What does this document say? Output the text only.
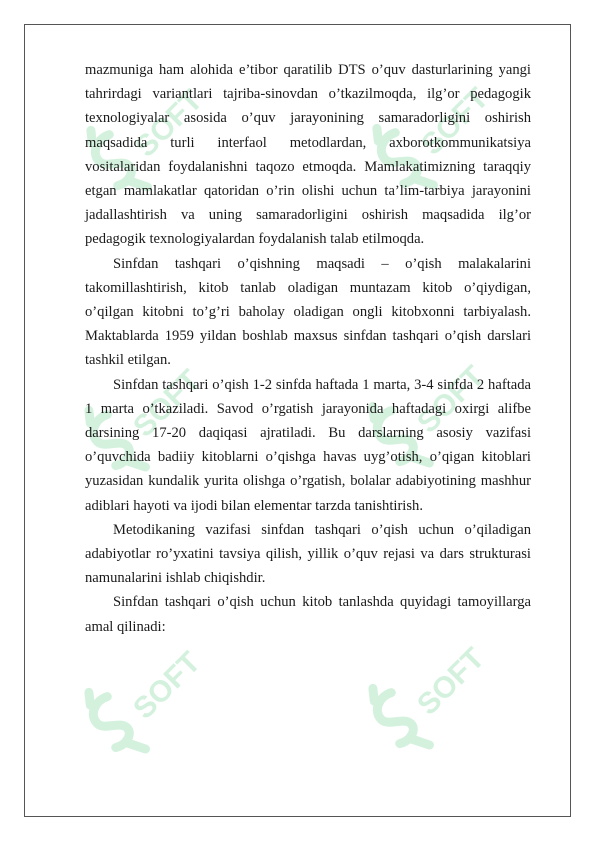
SOFT	SOFT
SOFT	SOFT
SOFT	SOFT

mazmuniga ham alohida e’tibor qaratilib DTS o’quv dasturlarining yangi tahrirdagi variantlari tajriba-sinovdan o’tkazilmoqda, ilg’or pedagogik texnologiyalar asosida o’quv jarayonining samaradorligini oshirish maqsadida turli interfaol metodlardan, axborotkommunikatsiya vositalaridan foydalanishni taqozo etmoqda. Mamlakatimizning taraqqiy etgan mamlakatlar qatoridan o’rin olishi uchun ta’lim-tarbiya jarayonini jadallashtirish va uning samaradorligini oshirish maqsadida ilg’or pedagogik texnologiyalardan foydalanish talab etilmoqda.

Sinfdan tashqari o’qishning maqsadi – o’qish malakalarini takomillashtirish, kitob tanlab oladigan muntazam kitob o’qiydigan, o’qilgan kitobni to’g’ri baholay oladigan ongli kitobxonni tarbiyalash. Maktablarda 1959 yildan boshlab maxsus sinfdan tashqari o’qish darslari tashkil etilgan.

Sinfdan tashqari o’qish 1-2 sinfda haftada 1 marta, 3-4 sinfda 2 haftada 1 marta o’tkaziladi. Savod o’rgatish jarayonida haftadagi oxirgi alifbe darsining 17-20 daqiqasi ajratiladi. Bu darslarning asosiy vazifasi o’quvchida badiiy kitoblarni o’qishga havas uyg’otish, o’qigan kitoblari yuzasidan kundalik yurita olishga o’rgatish, bolalar adabiyotining mashhur adiblari hayoti va ijodi bilan elementar tarzda tanishtirish.

Metodikaning vazifasi sinfdan tashqari o’qish uchun o’qiladigan adabiyotlar ro’yxatini tavsiya qilish, yillik o’quv rejasi va dars strukturasi namunalarini ishlab chiqishdir.

Sinfdan tashqari o’qish uchun kitob tanlashda quyidagi tamoyillarga amal qilinadi:
